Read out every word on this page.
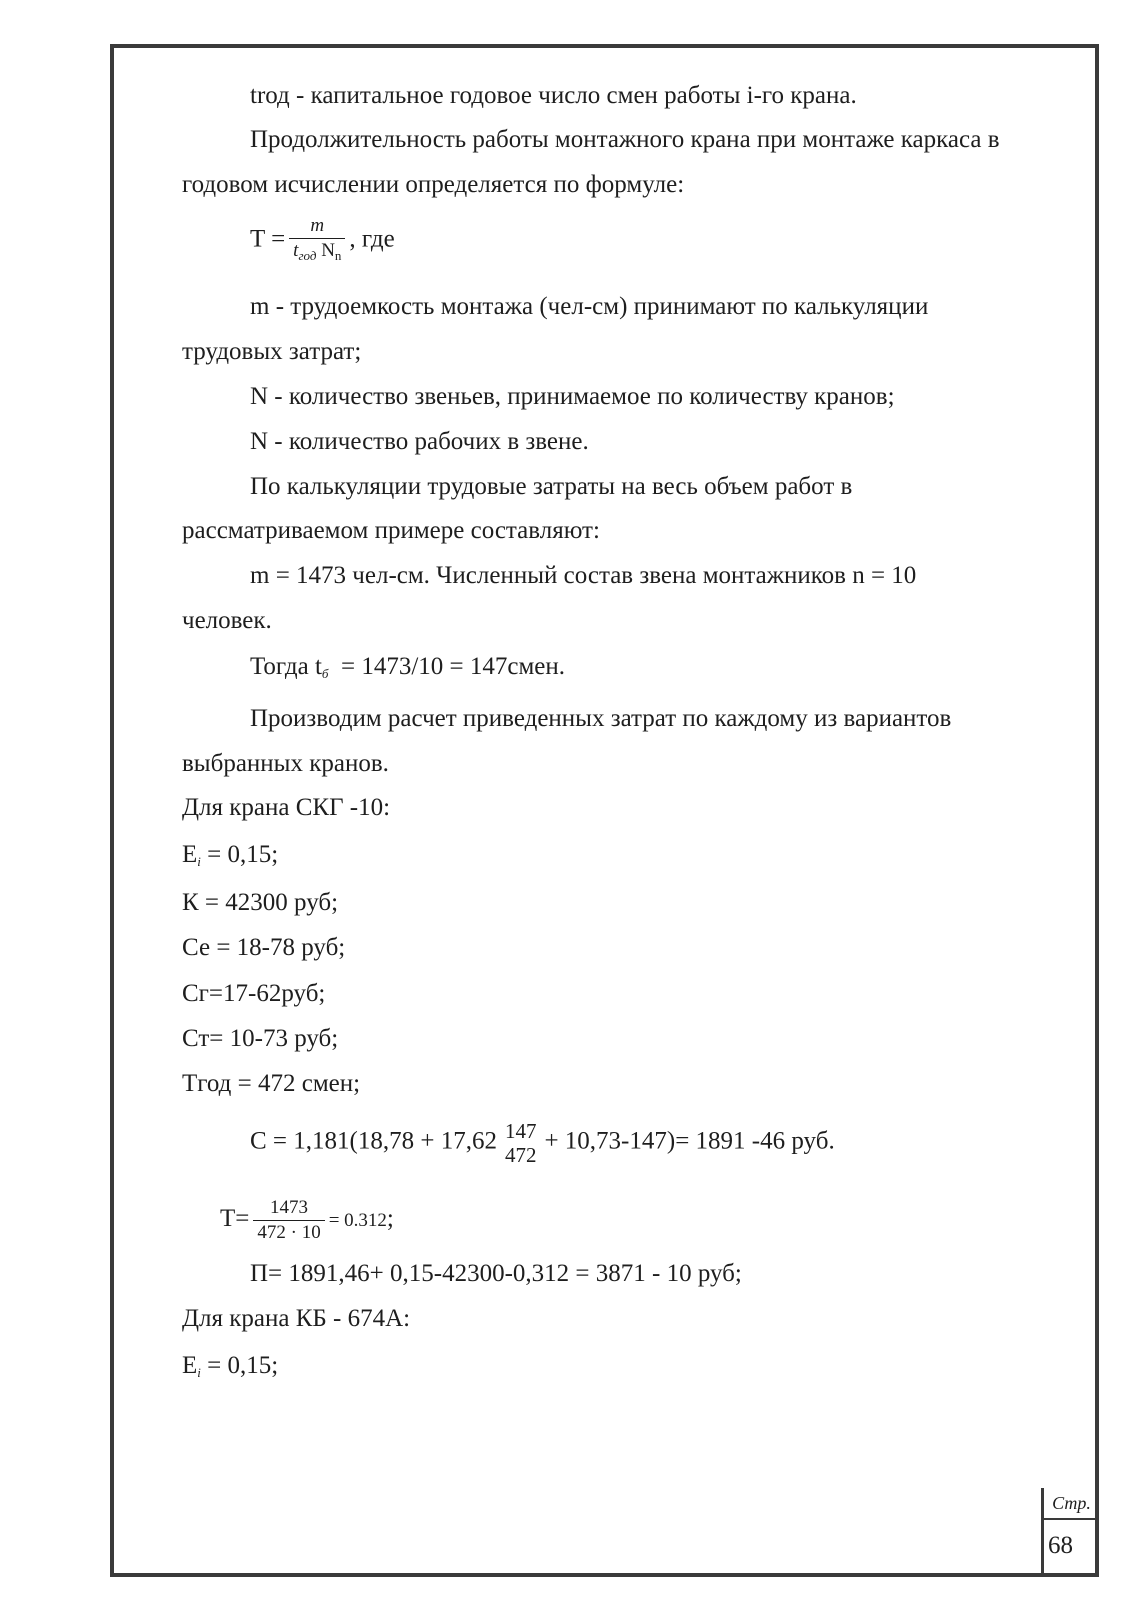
trод - капитальное годовое число смен работы i-го крана.
Продолжительность работы монтажного крана при монтаже каркаса в
годовом исчислении определяется по формуле:
$T = \frac{m}{t_{год} N_n}$ , где
m - трудоемкость монтажа (чел-см) принимают по калькуляции
трудовых затрат;
N - количество звеньев, принимаемое по количеству кранов;
N - количество рабочих в звене.
По калькуляции трудовые затраты на весь объем работ в
рассматриваемом примере составляют:
m = 1473 чел-см. Численный состав звена монтажников n = 10
человек.
Тогда tб = 1473/10 = 147смен.
Производим расчет приведенных затрат по каждому из вариантов
выбранных кранов.
Для крана СКГ -10:
Ei = 0,15;
К = 42300 руб;
Се = 18-78 руб;
Сг=17-62руб;
Ст= 10-73 руб;
Тгод = 472 смен;
C = 1,181(18,78 + 17,62 147
472
+ 10,73-147)= 1891 -46 руб.
$T= \frac{1473}{472 \cdot 10} = 0.312$;
П= 1891,46+ 0,15-42300-0,312 = 3871 - 10 руб;
Для крана КБ - 674А:
Ei = 0,15;
Стр.
68
